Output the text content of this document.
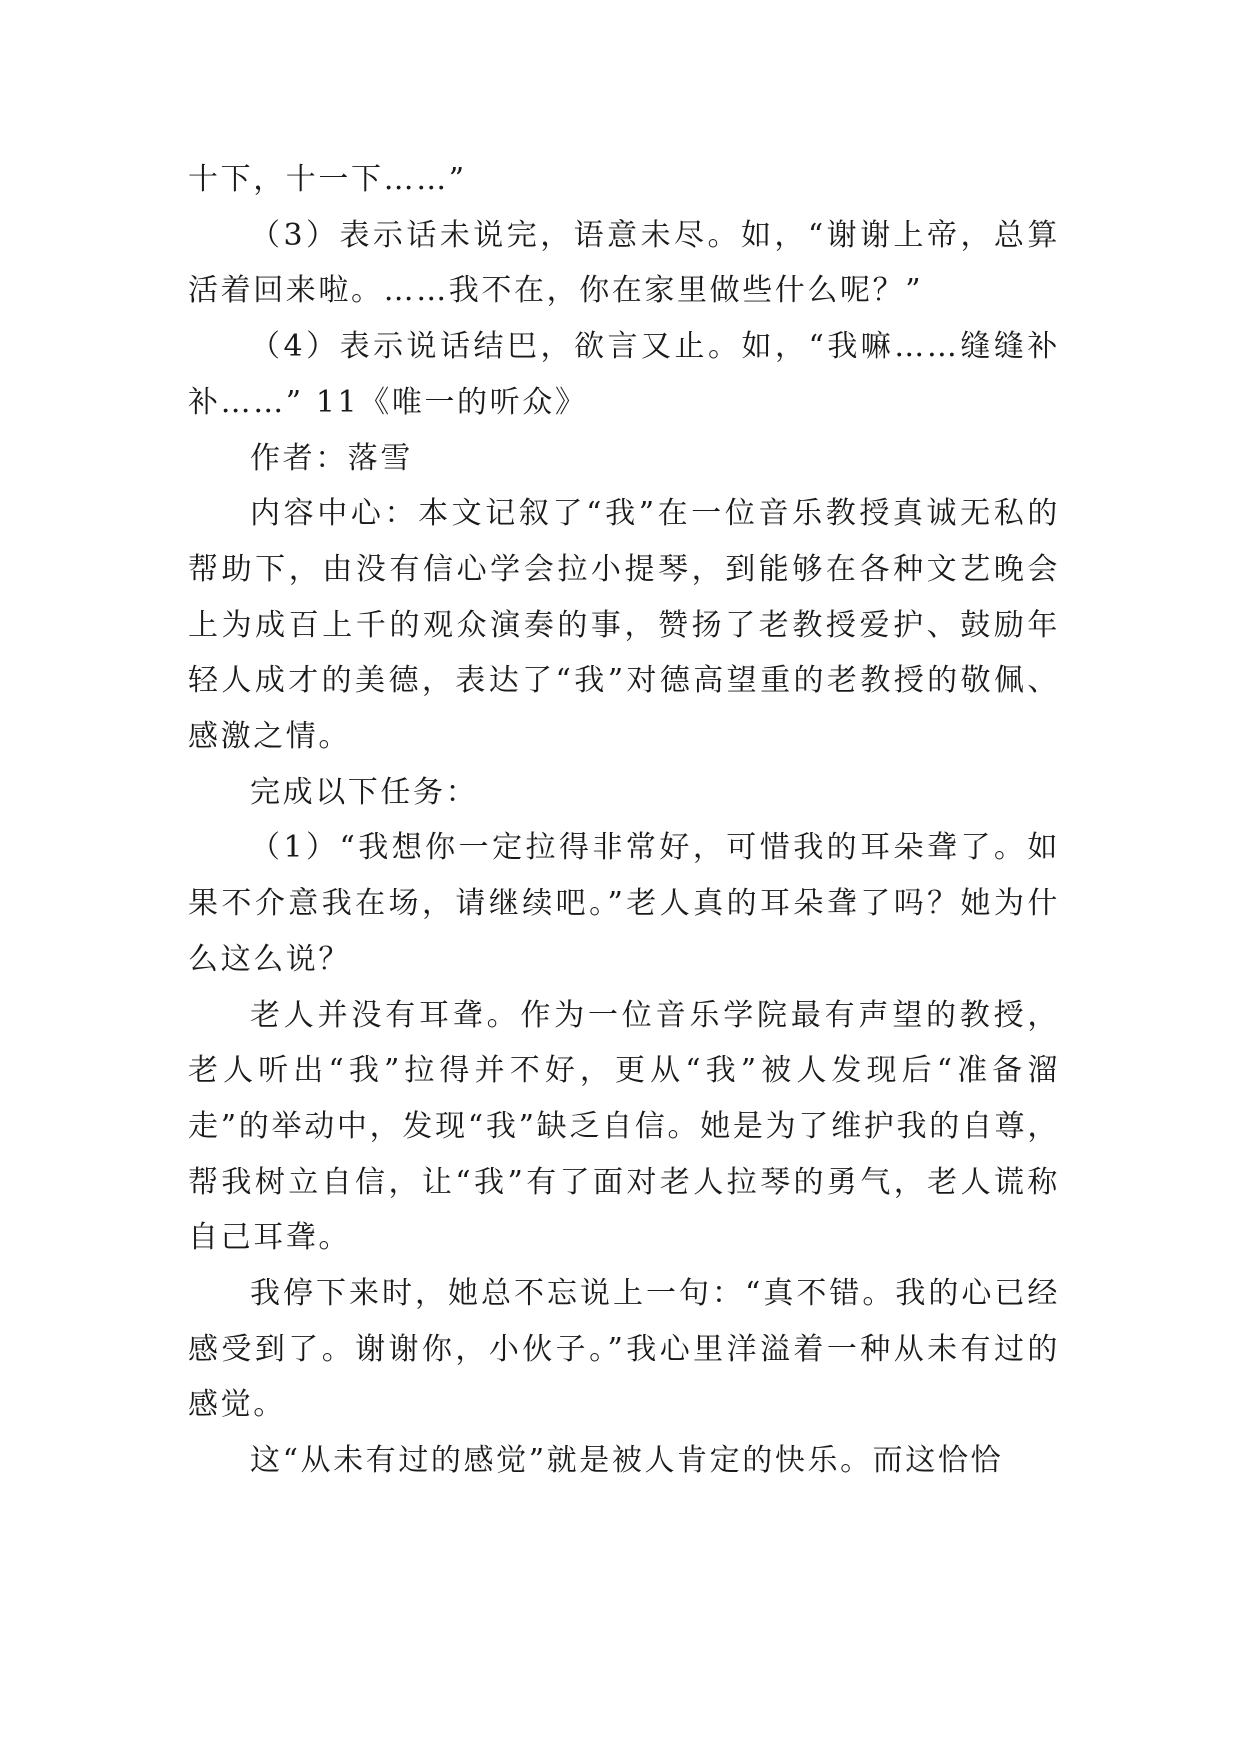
十下，十一下……”

（3）表示话未说完，语意未尽。如，“谢谢上帝，总算活着回来啦。……我不在，你在家里做些什么呢？”

（4）表示说话结巴，欲言又止。如，“我嘛……缝缝补补……” 11《唯一的听众》

作者：落雪

内容中心：本文记叙了“我”在一位音乐教授真诚无私的帮助下，由没有信心学会拉小提琴，到能够在各种文艺晚会上为成百上千的观众演奏的事，赞扬了老教授爱护、鼓励年轻人成才的美德，表达了“我”对德高望重的老教授的敬佩、感激之情。

完成以下任务：

（1）“我想你一定拉得非常好，可惜我的耳朵聋了。如果不介意我在场，请继续吧。”老人真的耳朵聋了吗？她为什么这么说？

老人并没有耳聋。作为一位音乐学院最有声望的教授，老人听出“我”拉得并不好，更从“我”被人发现后“准备溜走”的举动中，发现“我”缺乏自信。她是为了维护我的自尊，帮我树立自信，让“我”有了面对老人拉琴的勇气，老人谎称自己耳聋。

我停下来时，她总不忘说上一句：“真不错。我的心已经感受到了。谢谢你，小伙子。”我心里洋溢着一种从未有过的感觉。

这“从未有过的感觉”就是被人肯定的快乐。而这恰恰
